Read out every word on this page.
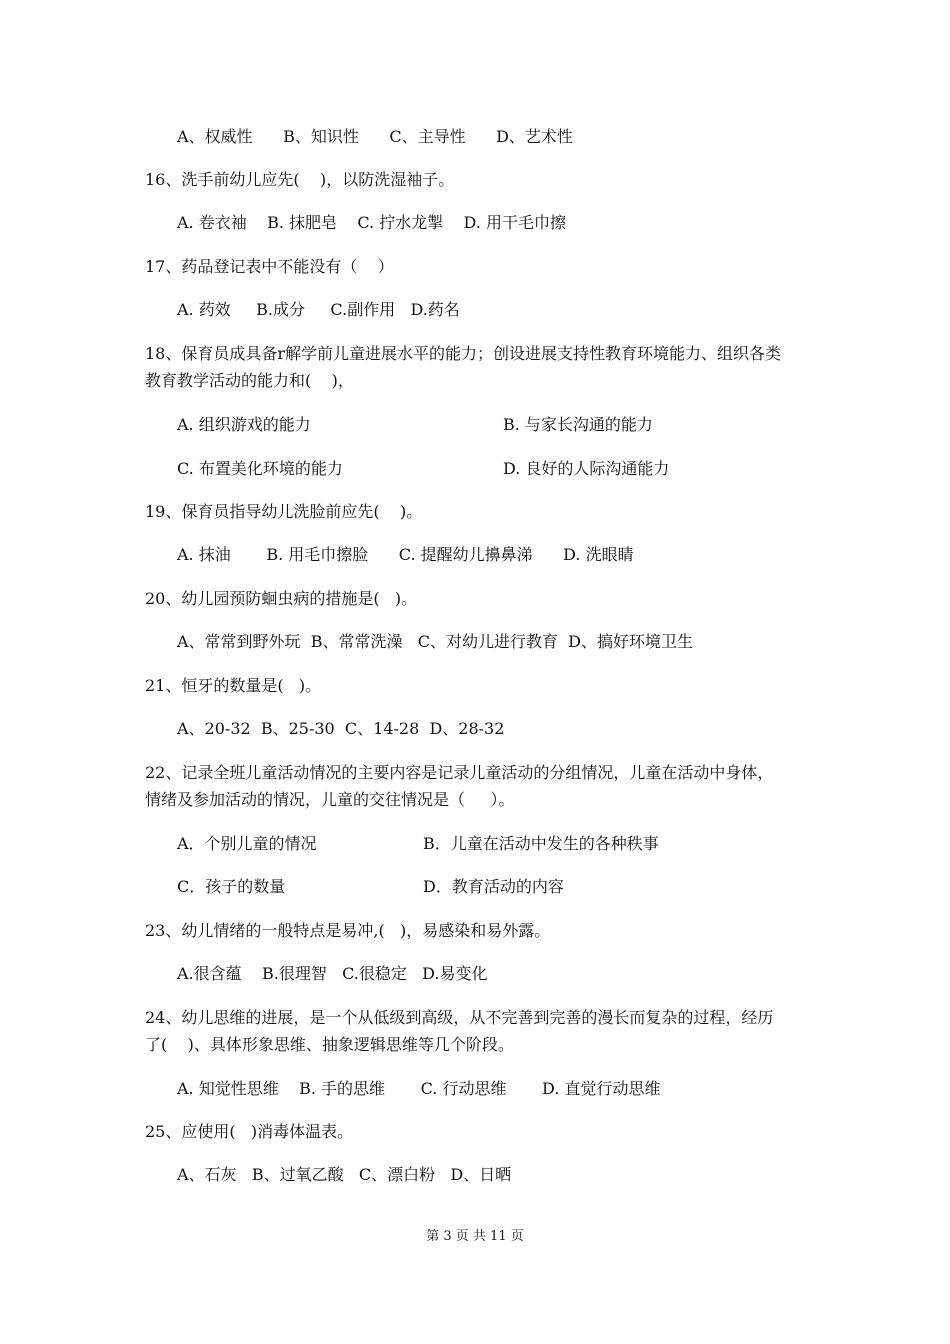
A、权威性      B、知识性      C、主导性      D、艺术性
16、洗手前幼儿应先(    )，以防洗湿袖子。
A. 卷衣袖    B. 抹肥皂    C. 拧水龙掣    D. 用干毛巾擦
17、药品登记表中不能没有（    ）
A. 药效     B.成分     C.副作用   D.药名
18、保育员成具备r解学前儿童进展水平的能力；创设进展支持性教育环境能力、组织各类
教育教学活动的能力和(    )，
A. 组织游戏的能力	B. 与家长沟通的能力
C. 布置美化环境的能力	D. 良好的人际沟通能力
19、保育员指导幼儿洗脸前应先(    )。
A. 抹油       B. 用毛巾擦脸      C. 提醒幼儿擤鼻涕      D. 洗眼睛
20、幼儿园预防蛔虫病的措施是(   )。
A、常常到野外玩  B、常常洗澡   C、对幼儿进行教育  D、搞好环境卫生
21、恒牙的数量是(   )。
A、20-32  B、25-30  C、14-28  D、28-32
22、记录全班儿童活动情况的主要内容是记录儿童活动的分组情况，儿童在活动中身体，
情绪及参加活动的情况，儿童的交往情况是（     ）。
A．个别儿童的情况	B．儿童在活动中发生的各种秩事
C．孩子的数量	D．教育活动的内容
23、幼儿情绪的一般特点是易冲,(   )，易感染和易外露。
A.很含蕴    B.很理智   C.很稳定   D.易变化
24、幼儿思维的进展，是一个从低级到高级，从不完善到完善的漫长而复杂的过程，经历
了(    )、具体形象思维、抽象逻辑思维等几个阶段。
A. 知觉性思维    B. 手的思维       C. 行动思维       D. 直觉行动思维
25、应使用(   )消毒体温表。
A、石灰   B、过氧乙酸   C、漂白粉   D、日晒
第 3 页 共 11 页
